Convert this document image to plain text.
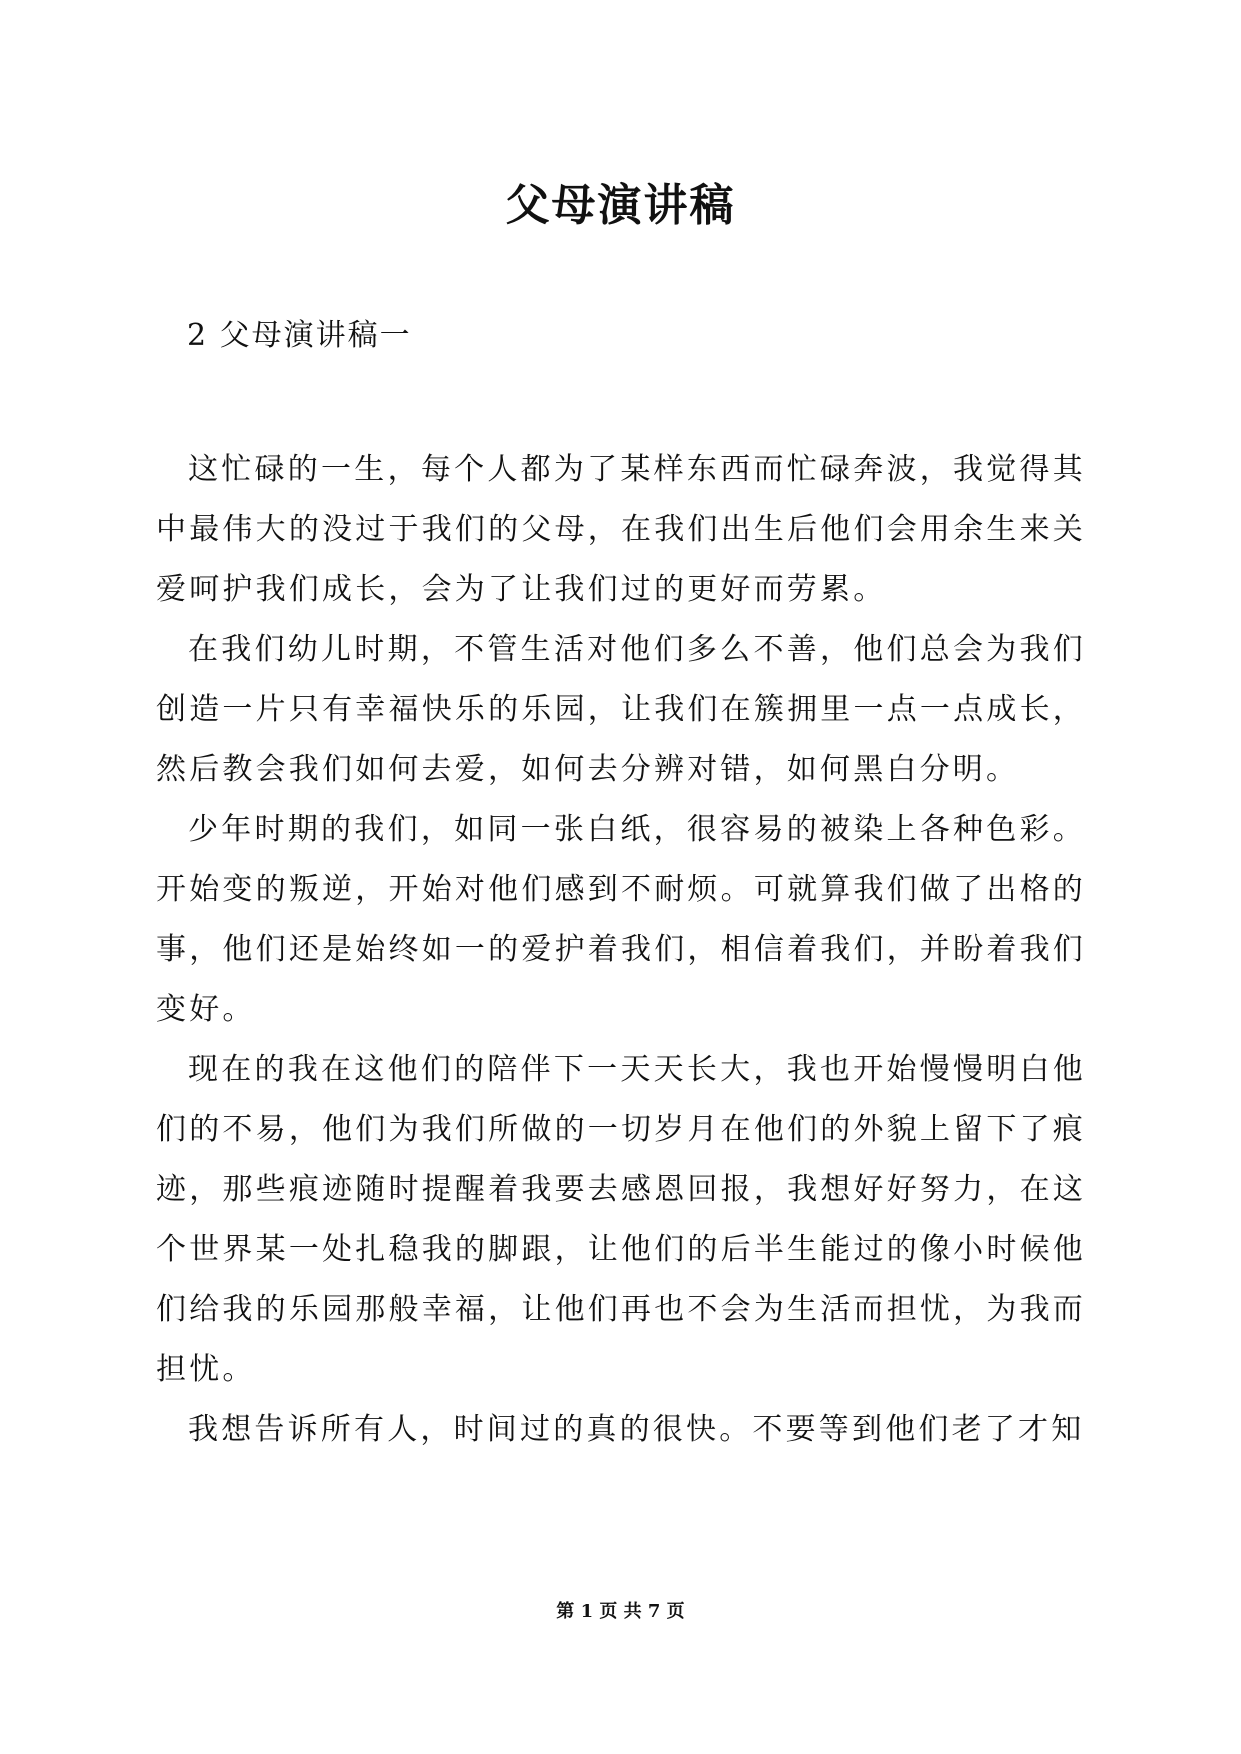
父母演讲稿
2 父母演讲稿一

这忙碌的一生，每个人都为了某样东西而忙碌奔波，我觉得其中最伟大的没过于我们的父母，在我们出生后他们会用余生来关爱呵护我们成长，会为了让我们过的更好而劳累。

在我们幼儿时期，不管生活对他们多么不善，他们总会为我们创造一片只有幸福快乐的乐园，让我们在簇拥里一点一点成长，然后教会我们如何去爱，如何去分辨对错，如何黑白分明。

少年时期的我们，如同一张白纸，很容易的被染上各种色彩。开始变的叛逆，开始对他们感到不耐烦。可就算我们做了出格的事，他们还是始终如一的爱护着我们，相信着我们，并盼着我们变好。

现在的我在这他们的陪伴下一天天长大，我也开始慢慢明白他们的不易，他们为我们所做的一切岁月在他们的外貌上留下了痕迹，那些痕迹随时提醒着我要去感恩回报，我想好好努力，在这个世界某一处扎稳我的脚跟，让他们的后半生能过的像小时候他们给我的乐园那般幸福，让他们再也不会为生活而担忧，为我而担忧。

我想告诉所有人，时间过的真的很快。不要等到他们老了才知

第 1 页 共 7 页
